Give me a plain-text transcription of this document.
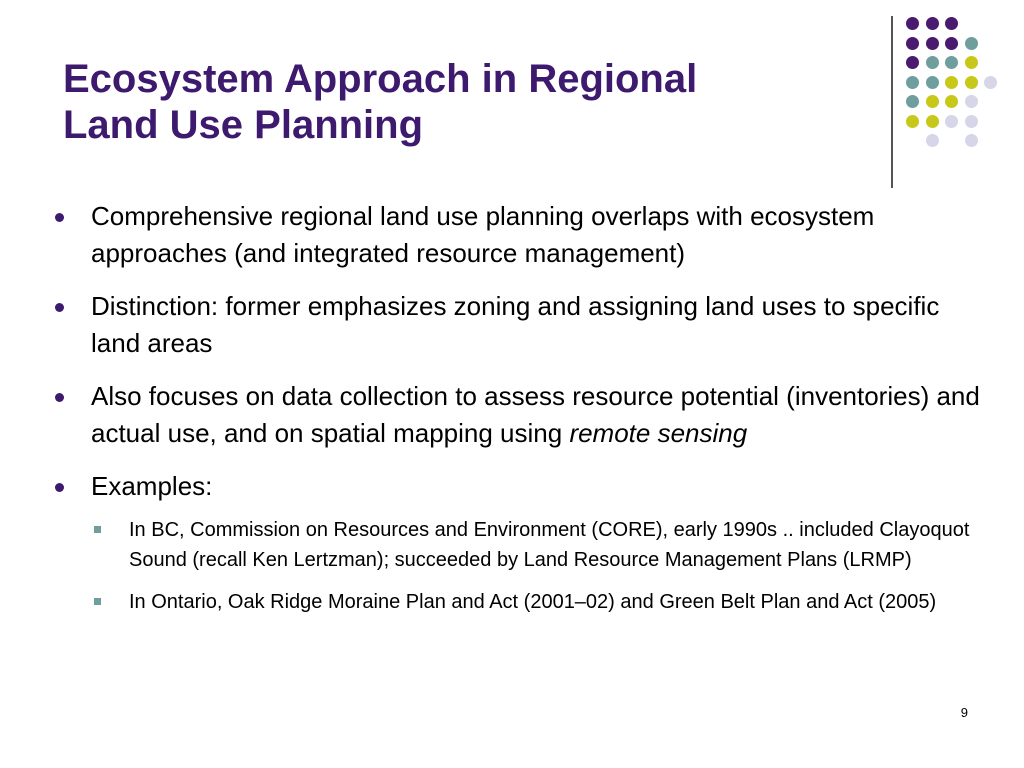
Ecosystem Approach in Regional
Land Use Planning
Comprehensive regional land use planning overlaps with ecosystem approaches (and integrated resource management)
Distinction: former emphasizes zoning and assigning land uses to specific land areas
Also focuses on data collection to assess resource potential (inventories) and actual use, and on spatial mapping using remote sensing
Examples:
In BC, Commission on Resources and Environment (CORE), early 1990s .. included Clayoquot Sound (recall Ken Lertzman); succeeded by Land Resource Management Plans (LRMP)
In Ontario, Oak Ridge Moraine Plan and Act (2001–02) and Green Belt Plan and Act (2005)
9
